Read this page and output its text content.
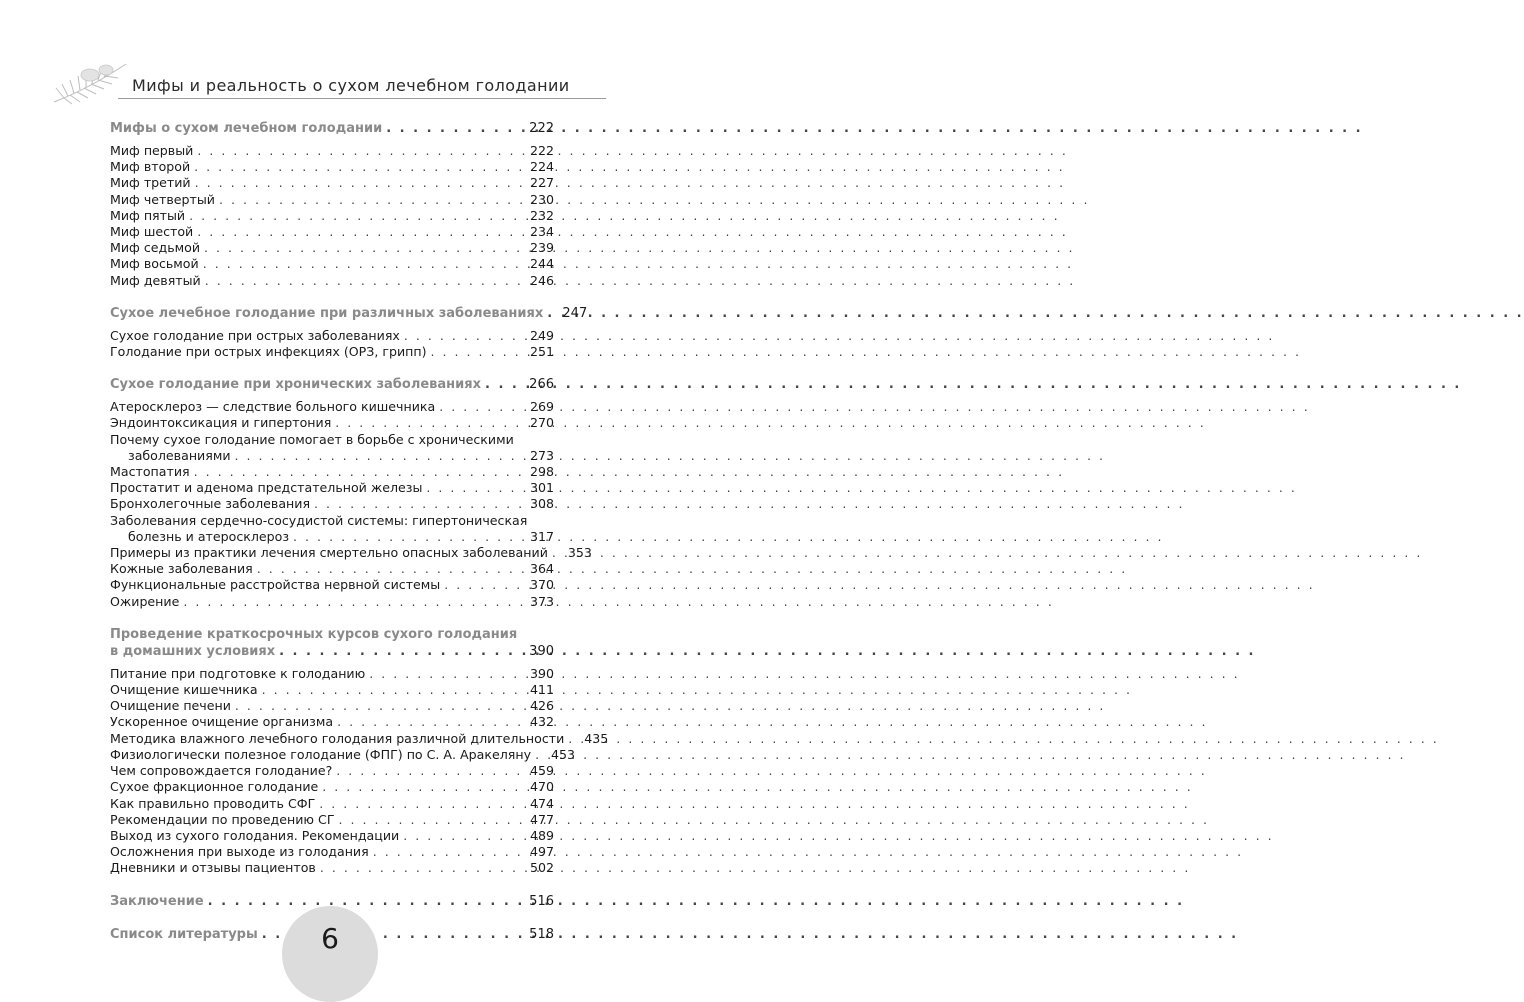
Мифы и реальность о сухом лечебном голодании
Мифы о сухом лечебном голодании . . .	222
Миф первый . . .	222
Миф второй . . .	224
Миф третий . . .	227
Миф четвертый . . .	230
Миф пятый . . .	232
Миф шестой . . .	234
Миф седьмой . . .	239
Миф восьмой . . .	244
Миф девятый . . .	246
Сухое лечебное голодание при различных заболеваниях . . . 247
Сухое голодание при острых заболеваниях . . .	249
Голодание при острых инфекциях (ОРЗ, грипп) . . .	251
Сухое голодание при хронических заболеваниях . . .	266
Атеросклероз — следствие больного кишечника . . .	269
Эндоинтоксикация и гипертония . . .	270
Почему сухое голодание помогает в борьбе с хроническими
заболеваниями . . .	273
Мастопатия . . .	298
Простатит и аденома предстательной железы . . .	301
Бронхолегочные заболевания . . .	308
Заболевания сердечно-сосудистой системы: гипертоническая
болезнь и атеросклероз . . .	317
Примеры из практики лечения смертельно опасных заболеваний . . . 353
Кожные заболевания . . .	364
Функциональные расстройства нервной системы . . .	370
Ожирение . . .	373
Проведение краткосрочных курсов сухого голодания
в домашних условиях . . .	390
Питание при подготовке к голоданию . . .	390
Очищение кишечника . . .	411
Очищение печени . . .	426
Ускоренное очищение организма . . .	432
Методика влажного лечебного голодания различной длительности . . . 435
Физиологически полезное голодание (ФПГ) по С. А. Аракеляну . . . 453
Чем сопровождается голодание? . . .	459
Сухое фракционное голодание . . .	470
Как правильно проводить СФГ . . .	474
Рекомендации по проведению СГ . . .	477
Выход из сухого голодания. Рекомендации . . .	489
Осложнения при выходе из голодания . . .	497
Дневники и отзывы пациентов . . .	502
Заключение . . .	516
Список литературы . . .	518
6
